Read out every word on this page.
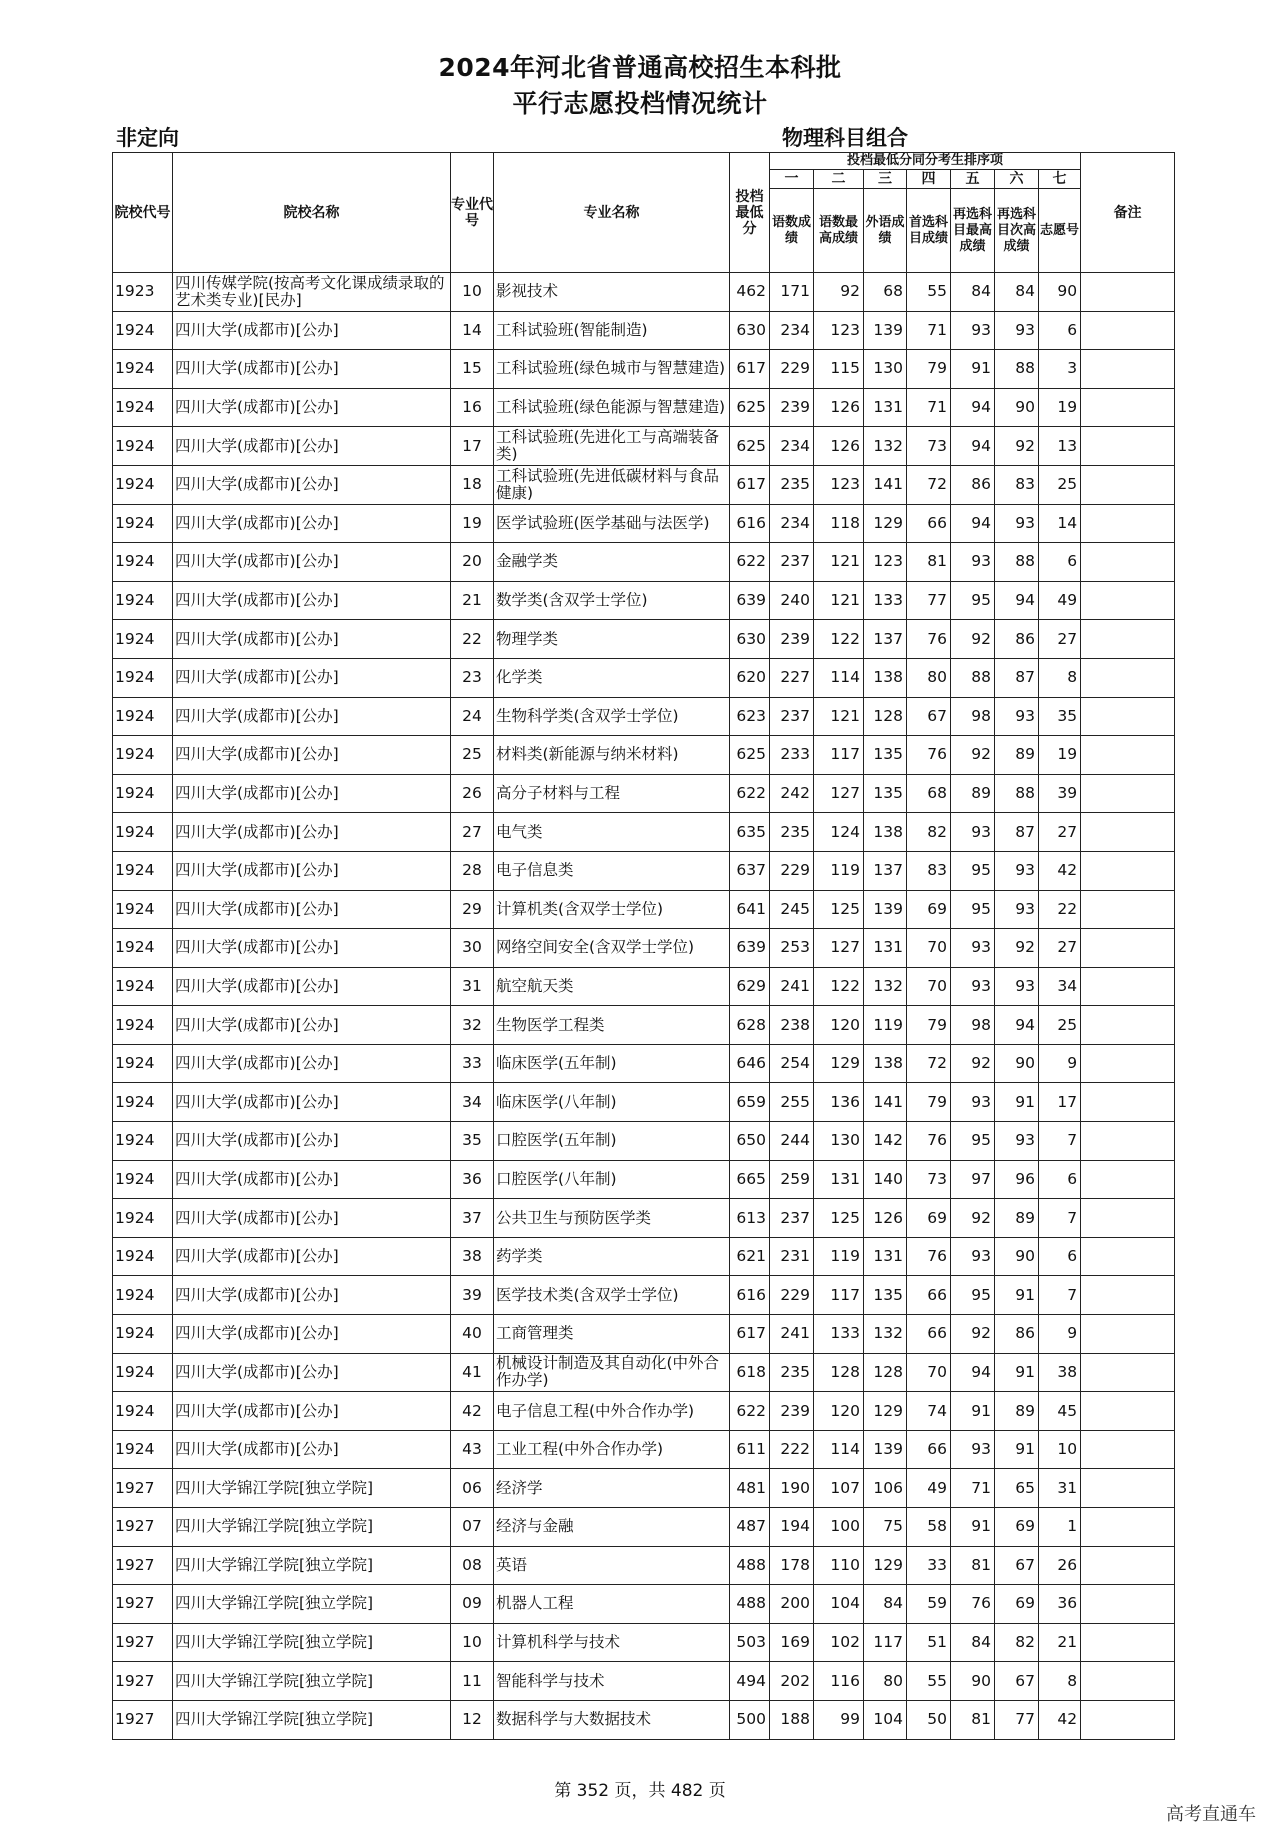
2024年河北省普通高校招生本科批
平行志愿投档情况统计
非定向	物理科目组合
院校代号	院校名称	专业代号	专业名称	投档最低分	投档最低分同分考生排序项							备注
					一	二	三	四	五	六	七	
					语数成绩	语数最高成绩	外语成绩	首选科目成绩	再选科目最高成绩	再选科目次高成绩	志愿号	
1923	四川传媒学院(按高考文化课成绩录取的艺术类专业)[民办]	10	影视技术	462	171	92	68	55	84	84	90	
1924	四川大学(成都市)[公办]	14	工科试验班(智能制造)	630	234	123	139	71	93	93	6	
1924	四川大学(成都市)[公办]	15	工科试验班(绿色城市与智慧建造)	617	229	115	130	79	91	88	3	
1924	四川大学(成都市)[公办]	16	工科试验班(绿色能源与智慧建造)	625	239	126	131	71	94	90	19	
1924	四川大学(成都市)[公办]	17	工科试验班(先进化工与高端装备类)	625	234	126	132	73	94	92	13	
1924	四川大学(成都市)[公办]	18	工科试验班(先进低碳材料与食品健康)	617	235	123	141	72	86	83	25	
1924	四川大学(成都市)[公办]	19	医学试验班(医学基础与法医学)	616	234	118	129	66	94	93	14	
1924	四川大学(成都市)[公办]	20	金融学类	622	237	121	123	81	93	88	6	
1924	四川大学(成都市)[公办]	21	数学类(含双学士学位)	639	240	121	133	77	95	94	49	
1924	四川大学(成都市)[公办]	22	物理学类	630	239	122	137	76	92	86	27	
1924	四川大学(成都市)[公办]	23	化学类	620	227	114	138	80	88	87	8	
1924	四川大学(成都市)[公办]	24	生物科学类(含双学士学位)	623	237	121	128	67	98	93	35	
1924	四川大学(成都市)[公办]	25	材料类(新能源与纳米材料)	625	233	117	135	76	92	89	19	
1924	四川大学(成都市)[公办]	26	高分子材料与工程	622	242	127	135	68	89	88	39	
1924	四川大学(成都市)[公办]	27	电气类	635	235	124	138	82	93	87	27	
1924	四川大学(成都市)[公办]	28	电子信息类	637	229	119	137	83	95	93	42	
1924	四川大学(成都市)[公办]	29	计算机类(含双学士学位)	641	245	125	139	69	95	93	22	
1924	四川大学(成都市)[公办]	30	网络空间安全(含双学士学位)	639	253	127	131	70	93	92	27	
1924	四川大学(成都市)[公办]	31	航空航天类	629	241	122	132	70	93	93	34	
1924	四川大学(成都市)[公办]	32	生物医学工程类	628	238	120	119	79	98	94	25	
1924	四川大学(成都市)[公办]	33	临床医学(五年制)	646	254	129	138	72	92	90	9	
1924	四川大学(成都市)[公办]	34	临床医学(八年制)	659	255	136	141	79	93	91	17	
1924	四川大学(成都市)[公办]	35	口腔医学(五年制)	650	244	130	142	76	95	93	7	
1924	四川大学(成都市)[公办]	36	口腔医学(八年制)	665	259	131	140	73	97	96	6	
1924	四川大学(成都市)[公办]	37	公共卫生与预防医学类	613	237	125	126	69	92	89	7	
1924	四川大学(成都市)[公办]	38	药学类	621	231	119	131	76	93	90	6	
1924	四川大学(成都市)[公办]	39	医学技术类(含双学士学位)	616	229	117	135	66	95	91	7	
1924	四川大学(成都市)[公办]	40	工商管理类	617	241	133	132	66	92	86	9	
1924	四川大学(成都市)[公办]	41	机械设计制造及其自动化(中外合作办学)	618	235	128	128	70	94	91	38	
1924	四川大学(成都市)[公办]	42	电子信息工程(中外合作办学)	622	239	120	129	74	91	89	45	
1924	四川大学(成都市)[公办]	43	工业工程(中外合作办学)	611	222	114	139	66	93	91	10	
1927	四川大学锦江学院[独立学院]	06	经济学	481	190	107	106	49	71	65	31	
1927	四川大学锦江学院[独立学院]	07	经济与金融	487	194	100	75	58	91	69	1	
1927	四川大学锦江学院[独立学院]	08	英语	488	178	110	129	33	81	67	26	
1927	四川大学锦江学院[独立学院]	09	机器人工程	488	200	104	84	59	76	69	36	
1927	四川大学锦江学院[独立学院]	10	计算机科学与技术	503	169	102	117	51	84	82	21	
1927	四川大学锦江学院[独立学院]	11	智能科学与技术	494	202	116	80	55	90	67	8	
1927	四川大学锦江学院[独立学院]	12	数据科学与大数据技术	500	188	99	104	50	81	77	42	
第 352 页，共 482 页
高考直通车
